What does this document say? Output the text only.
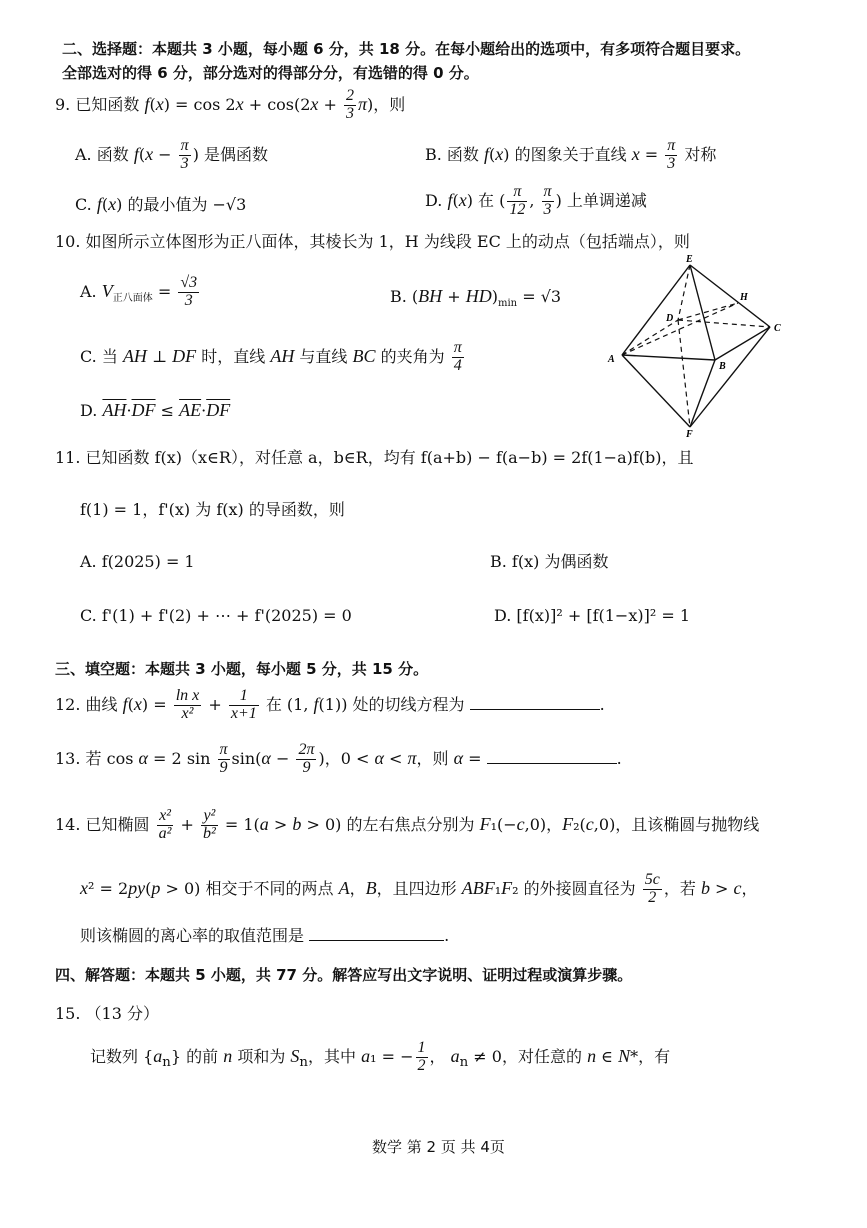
二、选择题：本题共 3 小题，每小题 6 分，共 18 分。在每小题给出的选项中，有多项符合题目要求。
全部选对的得 6 分，部分选对的得部分分，有选错的得 0 分。
9. 已知函数 $f(x) = \cos 2x + \cos(2x + \frac{2}{3} \pi)$，则
A. 函数 $f(x - \frac{\pi}{3}$ ) 是偶函数	B. 函数 f(x) 的图象关于直线 $x = \frac{\pi}{3}$ 对称
C. f(x) 的最小值为 −√3	D. f(x) 在 ( $\frac{\pi}{12}$ , $\frac{\pi}{3}$ ) 上单调递减
10. 如图所示立体图形为正八面体，其棱长为 1，H 为线段 EC 上的动点（包括端点），则
A. $V_{正八面体} = \frac{√3}{3}$	B. $(BH + HD)_{min} = √3$
C. 当 AH ⊥ DF 时，直线 AH 与直线 BC 的夹角为 $\frac{\pi}{4}$
D. $\overline{AH}\cdot\overline{DF} \le \overline{AE}\cdot\overline{DF}$
E
H
D
C
A
B
F
11. 已知函数 f(x)（x∈R），对任意 a，b∈R，均有 f(a+b) − f(a−b) = 2f(1−a)f(b)，且
f(1) = 1，f'(x) 为 f(x) 的导函数，则
A. f(2025) = 1	B. f(x) 为偶函数
C. f'(1) + f'(2) + ⋯ + f'(2025) = 0	D. [f(x)]² + [f(1−x)]² = 1
三、填空题：本题共 3 小题，每小题 5 分，共 15 分。
12. 曲线 $f(x) = \frac{\text{ln x}}{\text{x²}} + \frac{1}{x+1}$ 在 (1, f(1)) 处的切线方程为	.
13. 若 cos α = 2 $\sin \frac{\pi}{9} \sin(\alpha - \frac{2\pi}{9}$ )，0 < α < π，则 α =	.
14. 已知椭圆 $\frac{\text{x²}}{\text{a²}} + \frac{\text{y²}}{\text{b²}} = 1(a > b > 0)$ 的左右焦点分别为 F₁(−c,0)，F₂(c,0)，且该椭圆与抛物线
x² = 2py(p > 0) 相交于不同的两点 A，B，且四边形 ABF₁F₂ 的外接圆直径为 $\frac{5c}{2}$ ，若 b > c，
则该椭圆的离心率的取值范围是	.
四、解答题：本题共 5 小题，共 77 分。解答应写出文字说明、证明过程或演算步骤。
15. （13 分）
记数列 $\{a_n\}$ 的前 n 项和为 $S_n$，其中 a₁ = − $\frac{1}{2}$ ， $a_n \ne 0$，对任意的 n ∈ N*，有
数学 第 2 页 共 4页
